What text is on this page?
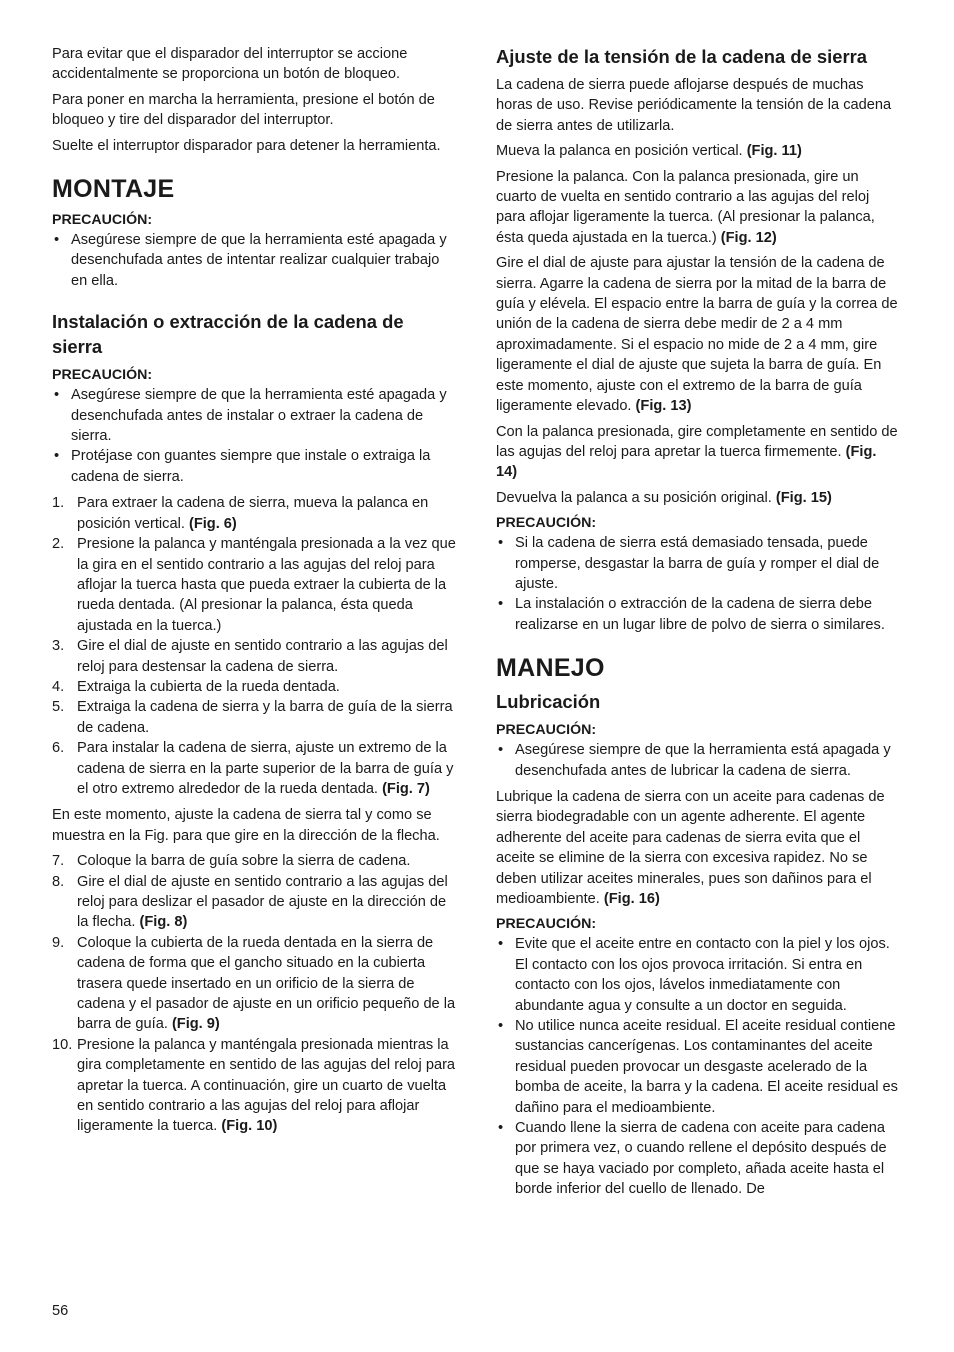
Para evitar que el disparador del interruptor se accione accidentalmente se proporciona un botón de bloqueo.

Para poner en marcha la herramienta, presione el botón de bloqueo y tire del disparador del interruptor.

Suelte el interruptor disparador para detener la herramienta.

MONTAJE
PRECAUCIÓN:
• Asegúrese siempre de que la herramienta esté apagada y desenchufada antes de intentar realizar cualquier trabajo en ella.
Instalación o extracción de la cadena de sierra
PRECAUCIÓN:
• Asegúrese siempre de que la herramienta esté apagada y desenchufada antes de instalar o extraer la cadena de sierra.
• Protéjase con guantes siempre que instale o extraiga la cadena de sierra.
1. Para extraer la cadena de sierra, mueva la palanca en posición vertical. (Fig. 6)
2. Presione la palanca y manténgala presionada a la vez que la gira en el sentido contrario a las agujas del reloj para aflojar la tuerca hasta que pueda extraer la cubierta de la rueda dentada. (Al presionar la palanca, ésta queda ajustada en la tuerca.)
3. Gire el dial de ajuste en sentido contrario a las agujas del reloj para destensar la cadena de sierra.
4. Extraiga la cubierta de la rueda dentada.
5. Extraiga la cadena de sierra y la barra de guía de la sierra de cadena.
6. Para instalar la cadena de sierra, ajuste un extremo de la cadena de sierra en la parte superior de la barra de guía y el otro extremo alrededor de la rueda dentada. (Fig. 7)

En este momento, ajuste la cadena de sierra tal y como se muestra en la Fig. para que gire en la dirección de la flecha.

7. Coloque la barra de guía sobre la sierra de cadena.
8. Gire el dial de ajuste en sentido contrario a las agujas del reloj para deslizar el pasador de ajuste en la dirección de la flecha. (Fig. 8)
9. Coloque la cubierta de la rueda dentada en la sierra de cadena de forma que el gancho situado en la cubierta trasera quede insertado en un orificio de la sierra de cadena y el pasador de ajuste en un orificio pequeño de la barra de guía. (Fig. 9)
10. Presione la palanca y manténgala presionada mientras la gira completamente en sentido de las agujas del reloj para apretar la tuerca. A continuación, gire un cuarto de vuelta en sentido contrario a las agujas del reloj para aflojar ligeramente la tuerca. (Fig. 10)
Ajuste de la tensión de la cadena de sierra

La cadena de sierra puede aflojarse después de muchas horas de uso. Revise periódicamente la tensión de la cadena de sierra antes de utilizarla.

Mueva la palanca en posición vertical. (Fig. 11)

Presione la palanca. Con la palanca presionada, gire un cuarto de vuelta en sentido contrario a las agujas del reloj para aflojar ligeramente la tuerca. (Al presionar la palanca, ésta queda ajustada en la tuerca.) (Fig. 12)

Gire el dial de ajuste para ajustar la tensión de la cadena de sierra. Agarre la cadena de sierra por la mitad de la barra de guía y elévela. El espacio entre la barra de guía y la correa de unión de la cadena de sierra debe medir de 2 a 4 mm aproximadamente. Si el espacio no mide de 2 a 4 mm, gire ligeramente el dial de ajuste que sujeta la barra de guía. En este momento, ajuste con el extremo de la barra de guía ligeramente elevado. (Fig. 13)

Con la palanca presionada, gire completamente en sentido de las agujas del reloj para apretar la tuerca firmemente. (Fig. 14)

Devuelva la palanca a su posición original. (Fig. 15)

PRECAUCIÓN:
• Si la cadena de sierra está demasiado tensada, puede romperse, desgastar la barra de guía y romper el dial de ajuste.
• La instalación o extracción de la cadena de sierra debe realizarse en un lugar libre de polvo de sierra o similares.
MANEJO
Lubricación
PRECAUCIÓN:
• Asegúrese siempre de que la herramienta está apagada y desenchufada antes de lubricar la cadena de sierra.

Lubrique la cadena de sierra con un aceite para cadenas de sierra biodegradable con un agente adherente. El agente adherente del aceite para cadenas de sierra evita que el aceite se elimine de la sierra con excesiva rapidez. No se deben utilizar aceites minerales, pues son dañinos para el medioambiente. (Fig. 16)

PRECAUCIÓN:
• Evite que el aceite entre en contacto con la piel y los ojos. El contacto con los ojos provoca irritación. Si entra en contacto con los ojos, lávelos inmediatamente con abundante agua y consulte a un doctor en seguida.
• No utilice nunca aceite residual. El aceite residual contiene sustancias cancerígenas. Los contaminantes del aceite residual pueden provocar un desgaste acelerado de la bomba de aceite, la barra y la cadena. El aceite residual es dañino para el medioambiente.
• Cuando llene la sierra de cadena con aceite para cadena por primera vez, o cuando rellene el depósito después de que se haya vaciado por completo, añada aceite hasta el borde inferior del cuello de llenado. De
56
